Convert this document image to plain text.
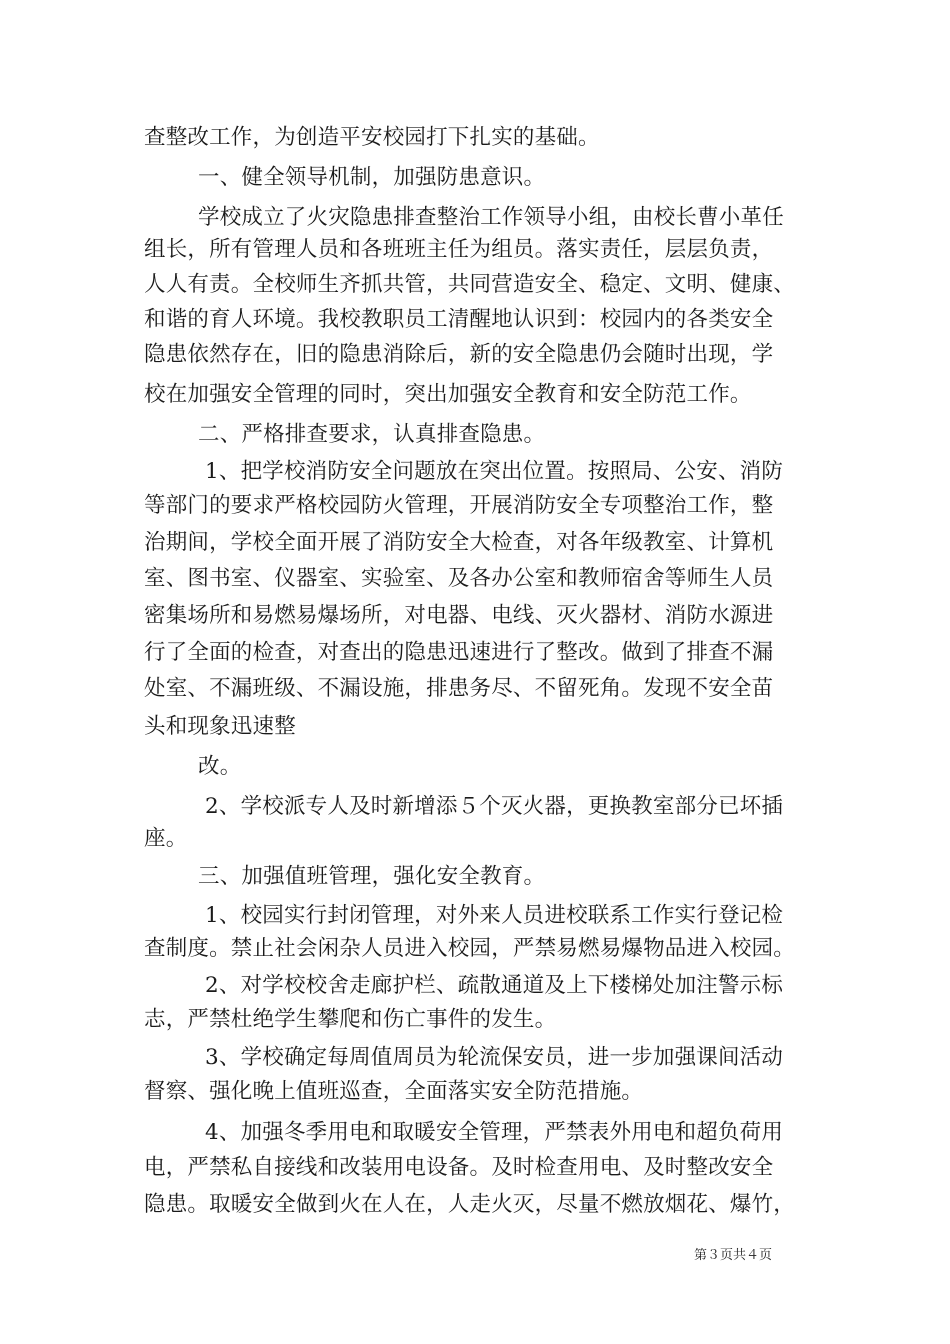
查整改工作，为创造平安校园打下扎实的基础。
一、健全领导机制，加强防患意识。
学校成立了火灾隐患排查整治工作领导小组，由校长曹小革任
组长，所有管理人员和各班班主任为组员。落实责任，层层负责，
人人有责。全校师生齐抓共管，共同营造安全、稳定、文明、健康、
和谐的育人环境。我校教职员工清醒地认识到：校园内的各类安全
隐患依然存在，旧的隐患消除后，新的安全隐患仍会随时出现，学
校在加强安全管理的同时，突出加强安全教育和安全防范工作。
二、严格排查要求，认真排查隐患。
1、把学校消防安全问题放在突出位置。按照局、公安、消防
等部门的要求严格校园防火管理，开展消防安全专项整治工作，整
治期间，学校全面开展了消防安全大检查，对各年级教室、计算机
室、图书室、仪器室、实验室、及各办公室和教师宿舍等师生人员
密集场所和易燃易爆场所，对电器、电线、灭火器材、消防水源进
行了全面的检查，对查出的隐患迅速进行了整改。做到了排查不漏
处室、不漏班级、不漏设施，排患务尽、不留死角。发现不安全苗
头和现象迅速整
改。
2、学校派专人及时新增添５个灭火器，更换教室部分已坏插
座。
三、加强值班管理，强化安全教育。
1、校园实行封闭管理，对外来人员进校联系工作实行登记检
查制度。禁止社会闲杂人员进入校园，严禁易燃易爆物品进入校园。
2、对学校校舍走廊护栏、疏散通道及上下楼梯处加注警示标
志，严禁杜绝学生攀爬和伤亡事件的发生。
3、学校确定每周值周员为轮流保安员，进一步加强课间活动
督察、强化晚上值班巡查，全面落实安全防范措施。
4、加强冬季用电和取暖安全管理，严禁表外用电和超负荷用
电，严禁私自接线和改装用电设备。及时检查用电、及时整改安全
隐患。取暖安全做到火在人在，人走火灭，尽量不燃放烟花、爆竹，
第３页共４页
